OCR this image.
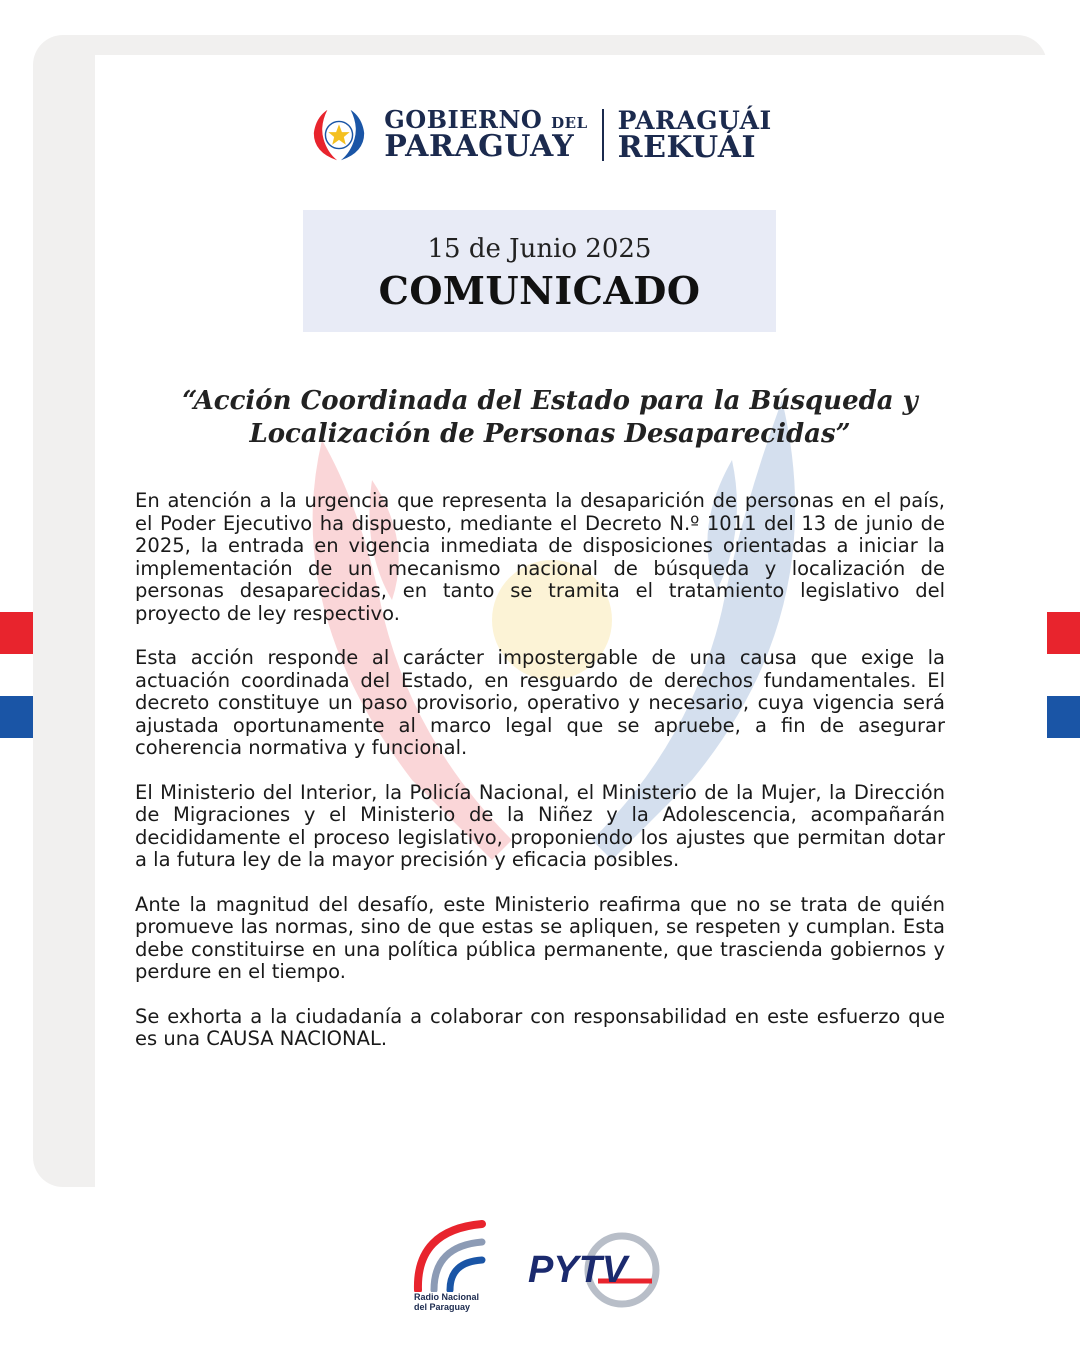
GOBIERNO DEL
PARAGUAY
PARAGUÁI
REKUÁI
15 de Junio 2025
COMUNICADO
“Acción Coordinada del Estado para la Búsqueda y
Localización de Personas Desaparecidas”

En atención a la urgencia que representa la desaparición de personas en el país, el Poder Ejecutivo ha dispuesto, mediante el Decreto N.º 1011 del 13 de junio de 2025, la entrada en vigencia inmediata de disposiciones orientadas a iniciar la implementación de un mecanismo nacional de búsqueda y localización de personas desaparecidas, en tanto se tramita el tratamiento legislativo del proyecto de ley respectivo.

Esta acción responde al carácter impostergable de una causa que exige la actuación coordinada del Estado, en resguardo de derechos fundamentales. El decreto constituye un paso provisorio, operativo y necesario, cuya vigencia será ajustada oportunamente al marco legal que se apruebe, a fin de asegurar coherencia normativa y funcional.

El Ministerio del Interior, la Policía Nacional, el Ministerio de la Mujer, la Dirección de Migraciones y el Ministerio de la Niñez y la Adolescencia, acompañarán decididamente el proceso legislativo, proponiendo los ajustes que permitan dotar a la futura ley de la mayor precisión y eficacia posibles.

Ante la magnitud del desafío, este Ministerio reafirma que no se trata de quién promueve las normas, sino de que estas se apliquen, se respeten y cumplan. Esta debe constituirse en una política pública permanente, que trascienda gobiernos y perdure en el tiempo.

Se exhorta a la ciudadanía a colaborar con responsabilidad en este esfuerzo que es una CAUSA NACIONAL.

Radio Nacional
del Paraguay
PYTV
